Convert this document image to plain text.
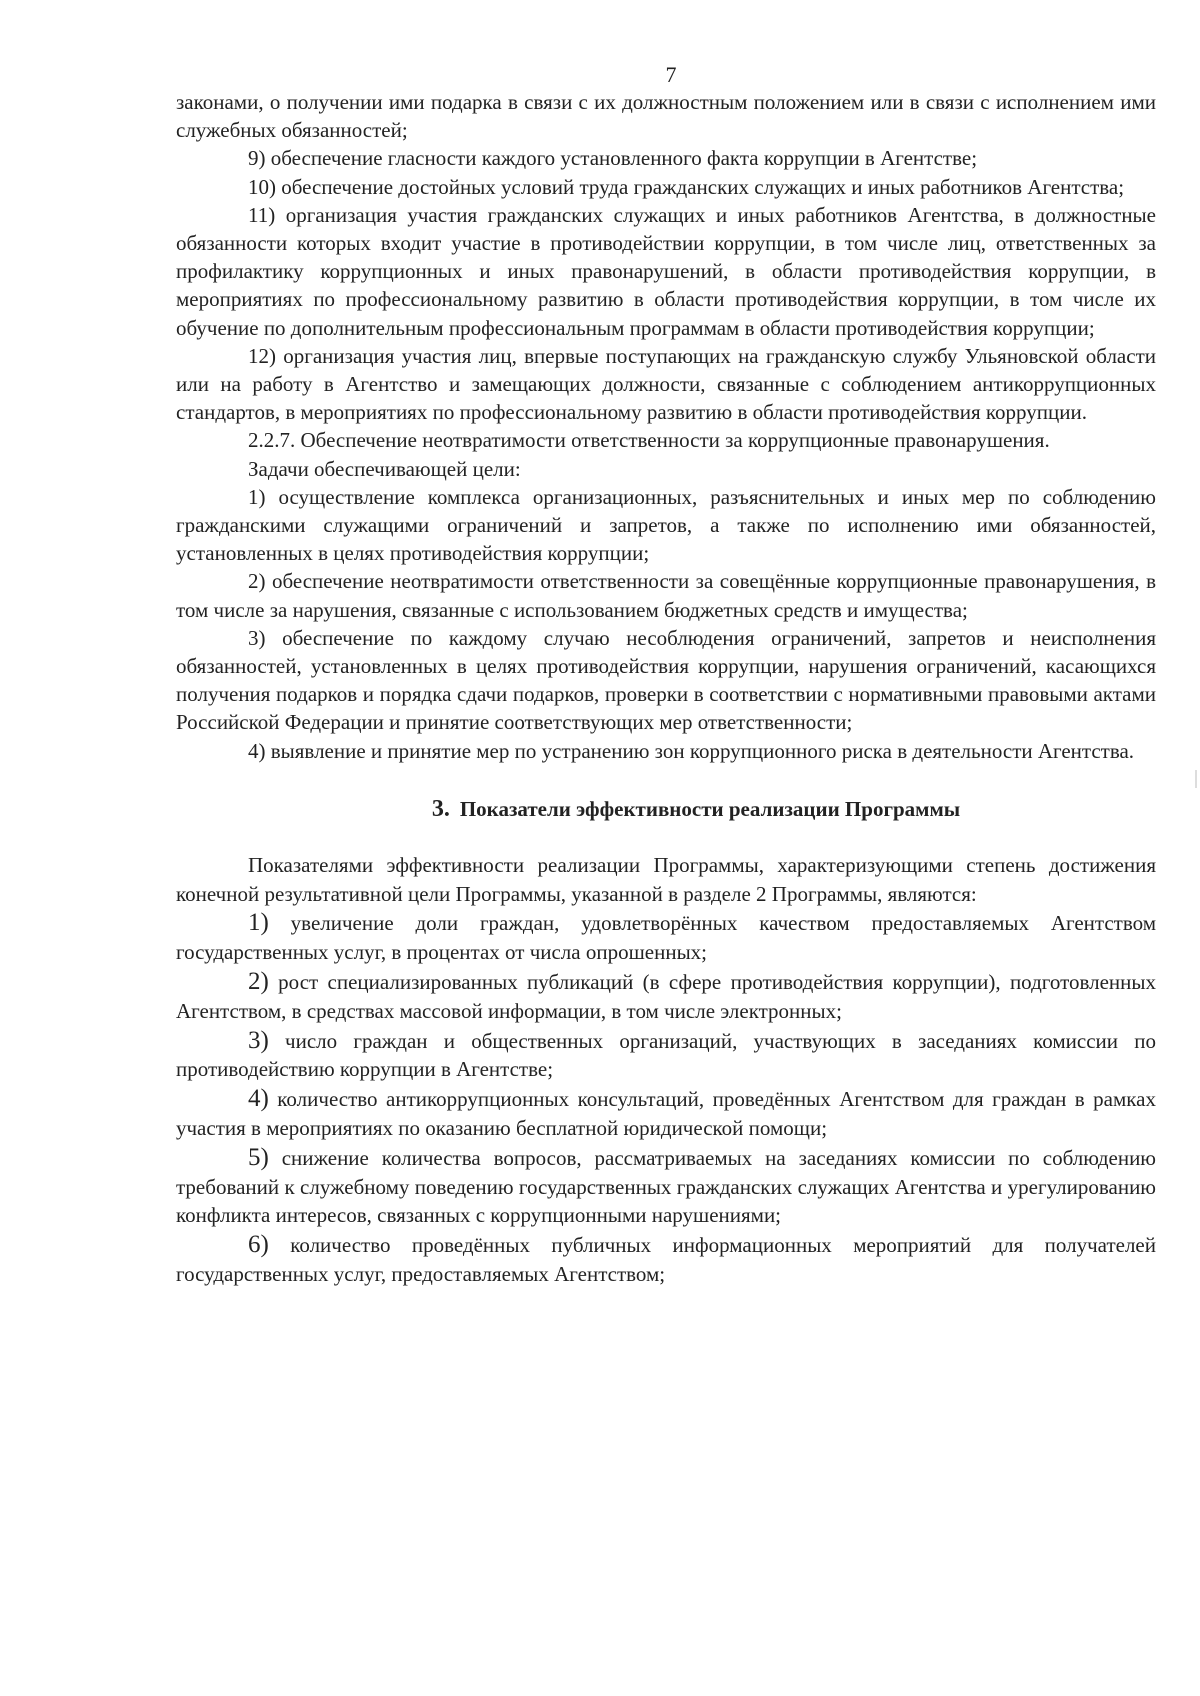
7

законами, о получении ими подарка в связи с их должностным положением или в связи с исполнением ими служебных обязанностей;

9) обеспечение гласности каждого установленного факта коррупции в Агентстве;

10) обеспечение достойных условий труда гражданских служащих и иных работников Агентства;

11) организация участия гражданских служащих и иных работников Агентства, в должностные обязанности которых входит участие в противодействии коррупции, в том числе лиц, ответственных за профилактику коррупционных и иных правонарушений, в области противодействия коррупции, в мероприятиях по профессиональному развитию в области противодействия коррупции, в том числе их обучение по дополнительным профессиональным программам в области противодействия коррупции;

12) организация участия лиц, впервые поступающих на гражданскую службу Ульяновской области или на работу в Агентство и замещающих должности, связанные с соблюдением антикоррупционных стандартов, в мероприятиях по профессиональному развитию в области противодействия коррупции.

2.2.7. Обеспечение неотвратимости ответственности за коррупционные правонарушения.

Задачи обеспечивающей цели:

1) осуществление комплекса организационных, разъяснительных и иных мер по соблюдению гражданскими служащими ограничений и запретов, а также по исполнению ими обязанностей, установленных в целях противодействия коррупции;

2) обеспечение неотвратимости ответственности за совещённые коррупционные правонарушения, в том числе за нарушения, связанные с использованием бюджетных средств и имущества;

3) обеспечение по каждому случаю несоблюдения ограничений, запретов и неисполнения обязанностей, установленных в целях противодействия коррупции, нарушения ограничений, касающихся получения подарков и порядка сдачи подарков, проверки в соответствии с нормативными правовыми актами Российской Федерации и принятие соответствующих мер ответственности;

4) выявление и принятие мер по устранению зон коррупционного риска в деятельности Агентства.

3. Показатели эффективности реализации Программы

Показателями эффективности реализации Программы, характеризующими степень достижения конечной результативной цели Программы, указанной в разделе 2 Программы, являются:

1) увеличение доли граждан, удовлетворённых качеством предоставляемых Агентством государственных услуг, в процентах от числа опрошенных;

2) рост специализированных публикаций (в сфере противодействия коррупции), подготовленных Агентством, в средствах массовой информации, в том числе электронных;

3) число граждан и общественных организаций, участвующих в заседаниях комиссии по противодействию коррупции в Агентстве;

4) количество антикоррупционных консультаций, проведённых Агентством для граждан в рамках участия в мероприятиях по оказанию бесплатной юридической помощи;

5) снижение количества вопросов, рассматриваемых на заседаниях комиссии по соблюдению требований к служебному поведению государственных гражданских служащих Агентства и урегулированию конфликта интересов, связанных с коррупционными нарушениями;

6) количество проведённых публичных информационных мероприятий для получателей государственных услуг, предоставляемых Агентством;
